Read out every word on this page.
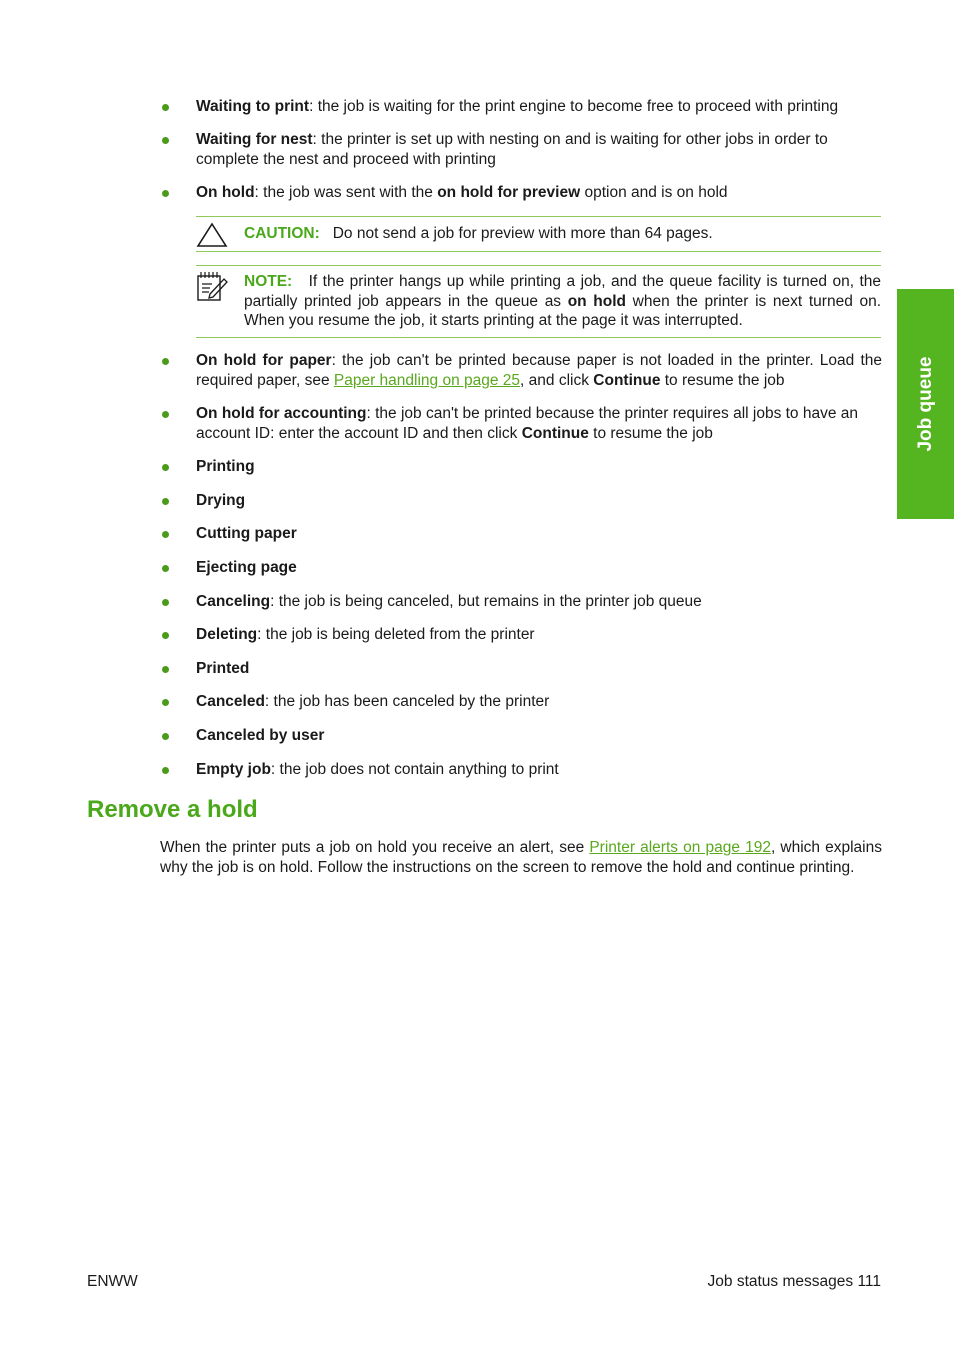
Waiting to print: the job is waiting for the print engine to become free to proceed with printing
Waiting for nest: the printer is set up with nesting on and is waiting for other jobs in order to complete the nest and proceed with printing
On hold: the job was sent with the on hold for preview option and is on hold
On hold for paper: the job can't be printed because paper is not loaded in the printer. Load the required paper, see Paper handling on page 25, and click Continue to resume the job
On hold for accounting: the job can't be printed because the printer requires all jobs to have an account ID: enter the account ID and then click Continue to resume the job
Printing
Drying
Cutting paper
Ejecting page
Canceling: the job is being canceled, but remains in the printer job queue
Deleting: the job is being deleted from the printer
Printed
Canceled: the job has been canceled by the printer
Canceled by user
Empty job: the job does not contain anything to print
CAUTION: Do not send a job for preview with more than 64 pages.
NOTE: If the printer hangs up while printing a job, and the queue facility is turned on, the partially printed job appears in the queue as on hold when the printer is next turned on. When you resume the job, it starts printing at the page it was interrupted.
Remove a hold
When the printer puts a job on hold you receive an alert, see Printer alerts on page 192, which explains why the job is on hold. Follow the instructions on the screen to remove the hold and continue printing.
Job queue
ENWW	Job status messages 111
